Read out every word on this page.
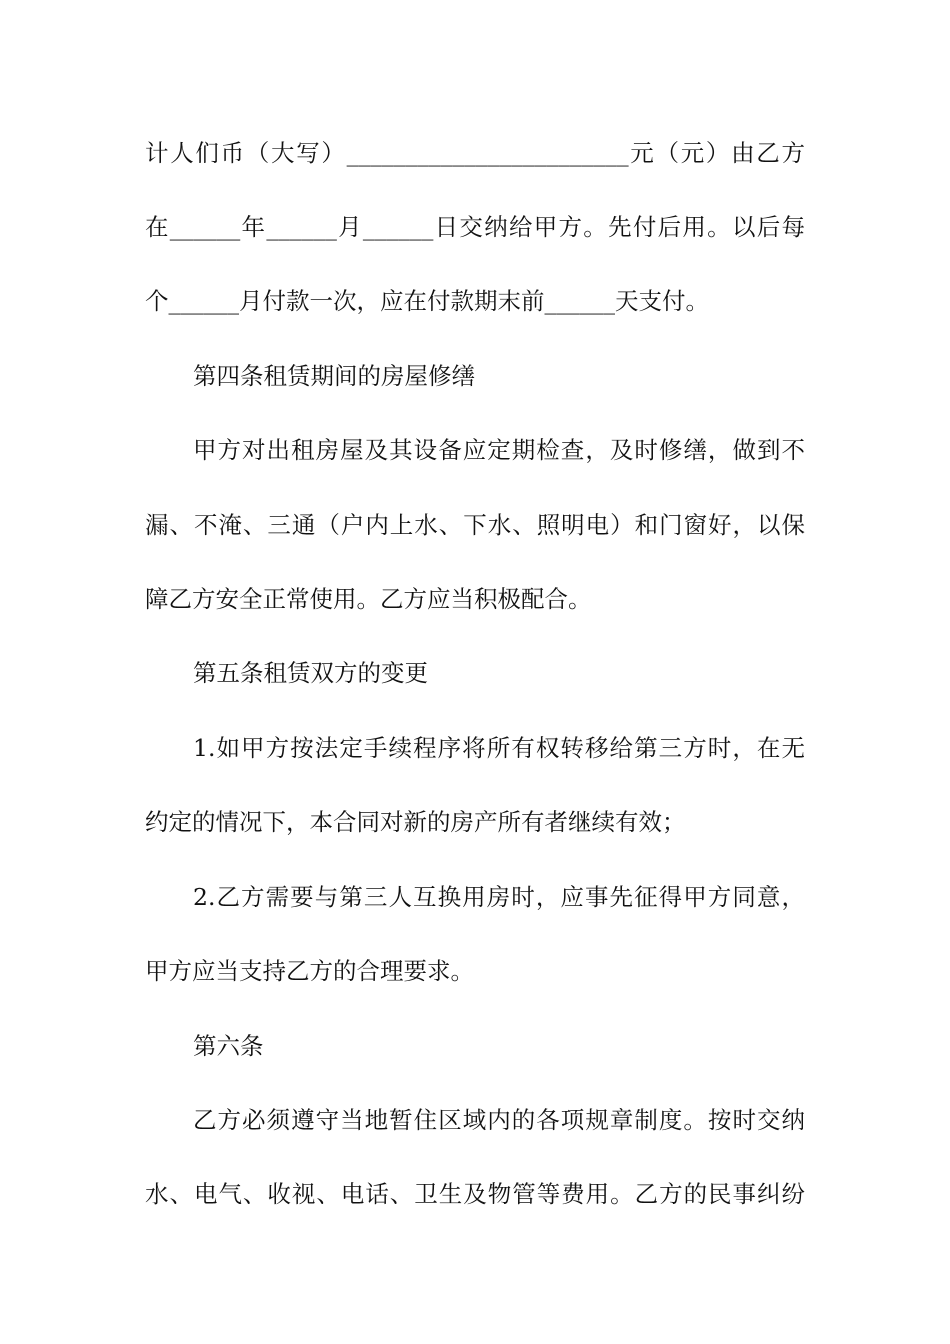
计人们币（大写）________________________元（元）由乙方
在______年______月______日交纳给甲方。先付后用。以后每
个______月付款一次，应在付款期末前______天支付。
第四条租赁期间的房屋修缮
甲方对出租房屋及其设备应定期检查，及时修缮，做到不
漏、不淹、三通（户内上水、下水、照明电）和门窗好，以保
障乙方安全正常使用。乙方应当积极配合。
第五条租赁双方的变更
1.如甲方按法定手续程序将所有权转移给第三方时，在无
约定的情况下，本合同对新的房产所有者继续有效；
2.乙方需要与第三人互换用房时，应事先征得甲方同意，
甲方应当支持乙方的合理要求。
第六条
乙方必须遵守当地暂住区域内的各项规章制度。按时交纳
水、电气、收视、电话、卫生及物管等费用。乙方的民事纠纷
